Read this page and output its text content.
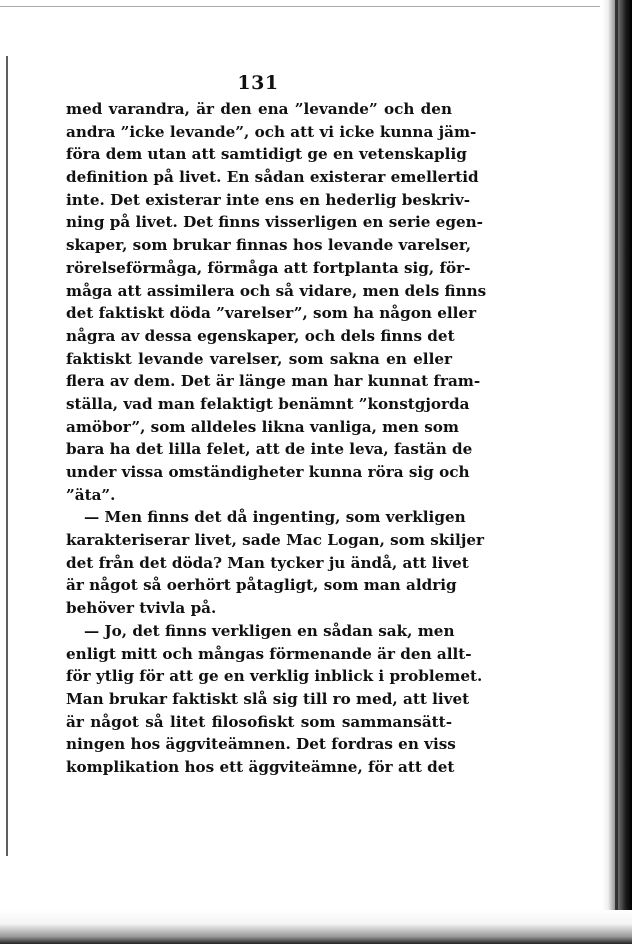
131
med varandra, är den ena ”levande” och den
andra ”icke levande”, och att vi icke kunna jäm-
föra dem utan att samtidigt ge en vetenskaplig
definition på livet. En sådan existerar emellertid
inte. Det existerar inte ens en hederlig beskriv-
ning på livet. Det finns visserligen en serie egen-
skaper, som brukar finnas hos levande varelser,
rörelseförmåga, förmåga att fortplanta sig, för-
måga att assimilera och så vidare, men dels finns
det faktiskt döda ”varelser”, som ha någon eller
några av dessa egenskaper, och dels finns det
faktiskt levande varelser, som sakna en eller
flera av dem. Det är länge man har kunnat fram-
ställa, vad man felaktigt benämnt ”konstgjorda
amöbor”, som alldeles likna vanliga, men som
bara ha det lilla felet, att de inte leva, fastän de
under vissa omständigheter kunna röra sig och
”äta”.
— Men finns det då ingenting, som verkligen
karakteriserar livet, sade Mac Logan, som skiljer
det från det döda? Man tycker ju ändå, att livet
är något så oerhört påtagligt, som man aldrig
behöver tvivla på.
— Jo, det finns verkligen en sådan sak, men
enligt mitt och mångas förmenande är den allt-
för ytlig för att ge en verklig inblick i problemet.
Man brukar faktiskt slå sig till ro med, att livet
är något så litet filosofiskt som sammansätt-
ningen hos äggviteämnen. Det fordras en viss
komplikation hos ett äggviteämne, för att det
